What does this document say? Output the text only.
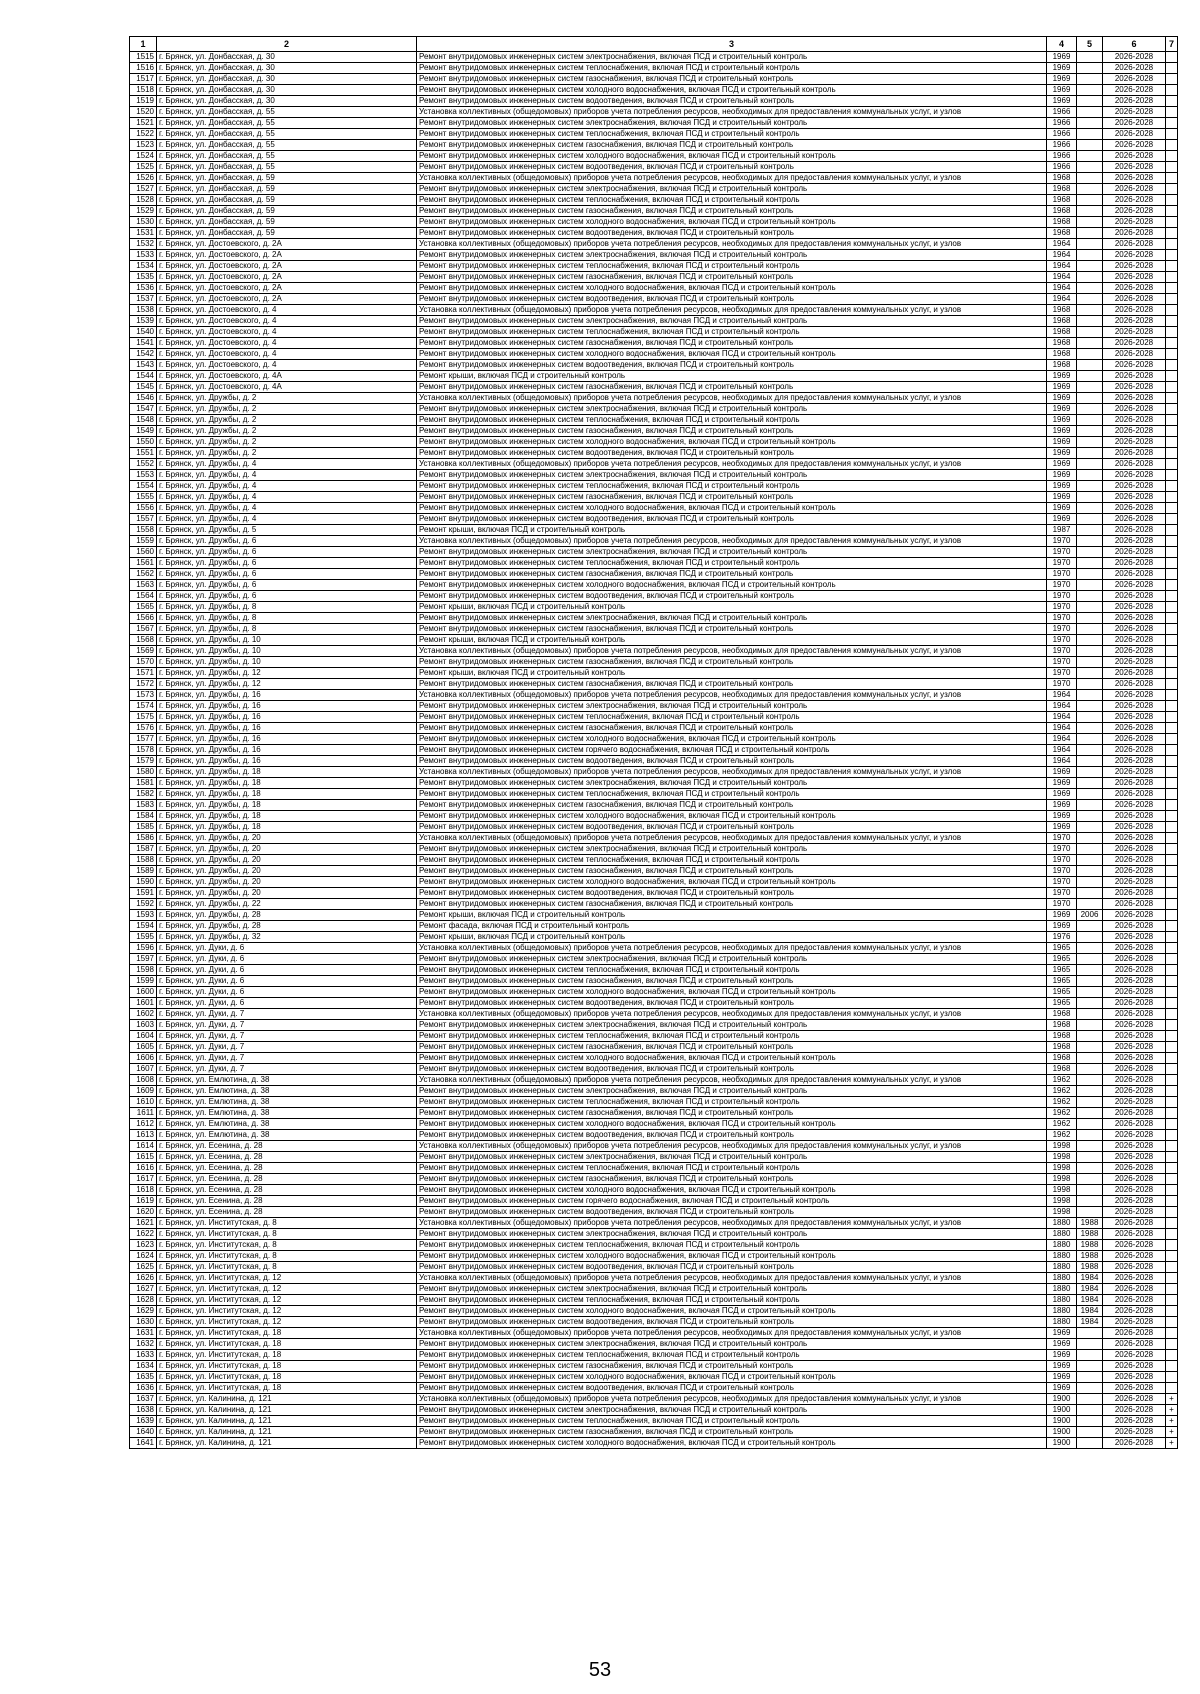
1	2	3	4	5	6	7
1515	г. Брянск, ул. Донбасская, д. 30	Ремонт внутридомовых инженерных систем электроснабжения, включая ПСД и строительный контроль	1969		2026-2028	
1516	г. Брянск, ул. Донбасская, д. 30	Ремонт внутридомовых инженерных систем теплоснабжения, включая ПСД и строительный контроль	1969		2026-2028	
1517	г. Брянск, ул. Донбасская, д. 30	Ремонт внутридомовых инженерных систем газоснабжения, включая ПСД и строительный контроль	1969		2026-2028	
1518	г. Брянск, ул. Донбасская, д. 30	Ремонт внутридомовых инженерных систем холодного водоснабжения, включая ПСД и строительный контроль	1969		2026-2028	
1519	г. Брянск, ул. Донбасская, д. 30	Ремонт внутридомовых инженерных систем водоотведения, включая ПСД и строительный контроль	1969		2026-2028	
1520	г. Брянск, ул. Донбасская, д. 55	Установка коллективных (общедомовых) приборов учета потребления ресурсов, необходимых для предоставления коммунальных услуг, и узлов	1966		2026-2028	
1521	г. Брянск, ул. Донбасская, д. 55	Ремонт внутридомовых инженерных систем электроснабжения, включая ПСД и строительный контроль	1966		2026-2028	
1522	г. Брянск, ул. Донбасская, д. 55	Ремонт внутридомовых инженерных систем теплоснабжения, включая ПСД и строительный контроль	1966		2026-2028	
1523	г. Брянск, ул. Донбасская, д. 55	Ремонт внутридомовых инженерных систем газоснабжения, включая ПСД и строительный контроль	1966		2026-2028	
1524	г. Брянск, ул. Донбасская, д. 55	Ремонт внутридомовых инженерных систем холодного водоснабжения, включая ПСД и строительный контроль	1966		2026-2028	
1525	г. Брянск, ул. Донбасская, д. 55	Ремонт внутридомовых инженерных систем водоотведения, включая ПСД и строительный контроль	1966		2026-2028	
1526	г. Брянск, ул. Донбасская, д. 59	Установка коллективных (общедомовых) приборов учета потребления ресурсов, необходимых для предоставления коммунальных услуг, и узлов	1968		2026-2028	
1527	г. Брянск, ул. Донбасская, д. 59	Ремонт внутридомовых инженерных систем электроснабжения, включая ПСД и строительный контроль	1968		2026-2028	
1528	г. Брянск, ул. Донбасская, д. 59	Ремонт внутридомовых инженерных систем теплоснабжения, включая ПСД и строительный контроль	1968		2026-2028	
1529	г. Брянск, ул. Донбасская, д. 59	Ремонт внутридомовых инженерных систем газоснабжения, включая ПСД и строительный контроль	1968		2026-2028	
1530	г. Брянск, ул. Донбасская, д. 59	Ремонт внутридомовых инженерных систем холодного водоснабжения, включая ПСД и строительный контроль	1968		2026-2028	
1531	г. Брянск, ул. Донбасская, д. 59	Ремонт внутридомовых инженерных систем водоотведения, включая ПСД и строительный контроль	1968		2026-2028	
1532	г. Брянск, ул. Достоевского, д. 2А	Установка коллективных (общедомовых) приборов учета потребления ресурсов, необходимых для предоставления коммунальных услуг, и узлов	1964		2026-2028	
1533	г. Брянск, ул. Достоевского, д. 2А	Ремонт внутридомовых инженерных систем электроснабжения, включая ПСД и строительный контроль	1964		2026-2028	
1534	г. Брянск, ул. Достоевского, д. 2А	Ремонт внутридомовых инженерных систем теплоснабжения, включая ПСД и строительный контроль	1964		2026-2028	
1535	г. Брянск, ул. Достоевского, д. 2А	Ремонт внутридомовых инженерных систем газоснабжения, включая ПСД и строительный контроль	1964		2026-2028	
1536	г. Брянск, ул. Достоевского, д. 2А	Ремонт внутридомовых инженерных систем холодного водоснабжения, включая ПСД и строительный контроль	1964		2026-2028	
1537	г. Брянск, ул. Достоевского, д. 2А	Ремонт внутридомовых инженерных систем водоотведения, включая ПСД и строительный контроль	1964		2026-2028	
1538	г. Брянск, ул. Достоевского, д. 4	Установка коллективных (общедомовых) приборов учета потребления ресурсов, необходимых для предоставления коммунальных услуг, и узлов	1968		2026-2028	
1539	г. Брянск, ул. Достоевского, д. 4	Ремонт внутридомовых инженерных систем электроснабжения, включая ПСД и строительный контроль	1968		2026-2028	
1540	г. Брянск, ул. Достоевского, д. 4	Ремонт внутридомовых инженерных систем теплоснабжения, включая ПСД и строительный контроль	1968		2026-2028	
1541	г. Брянск, ул. Достоевского, д. 4	Ремонт внутридомовых инженерных систем газоснабжения, включая ПСД и строительный контроль	1968		2026-2028	
1542	г. Брянск, ул. Достоевского, д. 4	Ремонт внутридомовых инженерных систем холодного водоснабжения, включая ПСД и строительный контроль	1968		2026-2028	
1543	г. Брянск, ул. Достоевского, д. 4	Ремонт внутридомовых инженерных систем водоотведения, включая ПСД и строительный контроль	1968		2026-2028	
1544	г. Брянск, ул. Достоевского, д. 4А	Ремонт крыши, включая ПСД и строительный контроль	1969		2026-2028	
1545	г. Брянск, ул. Достоевского, д. 4А	Ремонт внутридомовых инженерных систем газоснабжения, включая ПСД и строительный контроль	1969		2026-2028	
1546	г. Брянск, ул. Дружбы, д. 2	Установка коллективных (общедомовых) приборов учета потребления ресурсов, необходимых для предоставления коммунальных услуг, и узлов	1969		2026-2028	
1547	г. Брянск, ул. Дружбы, д. 2	Ремонт внутридомовых инженерных систем электроснабжения, включая ПСД и строительный контроль	1969		2026-2028	
1548	г. Брянск, ул. Дружбы, д. 2	Ремонт внутридомовых инженерных систем теплоснабжения, включая ПСД и строительный контроль	1969		2026-2028	
1549	г. Брянск, ул. Дружбы, д. 2	Ремонт внутридомовых инженерных систем газоснабжения, включая ПСД и строительный контроль	1969		2026-2028	
1550	г. Брянск, ул. Дружбы, д. 2	Ремонт внутридомовых инженерных систем холодного водоснабжения, включая ПСД и строительный контроль	1969		2026-2028	
1551	г. Брянск, ул. Дружбы, д. 2	Ремонт внутридомовых инженерных систем водоотведения, включая ПСД и строительный контроль	1969		2026-2028	
1552	г. Брянск, ул. Дружбы, д. 4	Установка коллективных (общедомовых) приборов учета потребления ресурсов, необходимых для предоставления коммунальных услуг, и узлов	1969		2026-2028	
1553	г. Брянск, ул. Дружбы, д. 4	Ремонт внутридомовых инженерных систем электроснабжения, включая ПСД и строительный контроль	1969		2026-2028	
1554	г. Брянск, ул. Дружбы, д. 4	Ремонт внутридомовых инженерных систем теплоснабжения, включая ПСД и строительный контроль	1969		2026-2028	
1555	г. Брянск, ул. Дружбы, д. 4	Ремонт внутридомовых инженерных систем газоснабжения, включая ПСД и строительный контроль	1969		2026-2028	
1556	г. Брянск, ул. Дружбы, д. 4	Ремонт внутридомовых инженерных систем холодного водоснабжения, включая ПСД и строительный контроль	1969		2026-2028	
1557	г. Брянск, ул. Дружбы, д. 4	Ремонт внутридомовых инженерных систем водоотведения, включая ПСД и строительный контроль	1969		2026-2028	
1558	г. Брянск, ул. Дружбы, д. 5	Ремонт крыши, включая ПСД и строительный контроль	1987		2026-2028	
1559	г. Брянск, ул. Дружбы, д. 6	Установка коллективных (общедомовых) приборов учета потребления ресурсов, необходимых для предоставления коммунальных услуг, и узлов	1970		2026-2028	
1560	г. Брянск, ул. Дружбы, д. 6	Ремонт внутридомовых инженерных систем электроснабжения, включая ПСД и строительный контроль	1970		2026-2028	
1561	г. Брянск, ул. Дружбы, д. 6	Ремонт внутридомовых инженерных систем теплоснабжения, включая ПСД и строительный контроль	1970		2026-2028	
1562	г. Брянск, ул. Дружбы, д. 6	Ремонт внутридомовых инженерных систем газоснабжения, включая ПСД и строительный контроль	1970		2026-2028	
1563	г. Брянск, ул. Дружбы, д. 6	Ремонт внутридомовых инженерных систем холодного водоснабжения, включая ПСД и строительный контроль	1970		2026-2028	
1564	г. Брянск, ул. Дружбы, д. 6	Ремонт внутридомовых инженерных систем водоотведения, включая ПСД и строительный контроль	1970		2026-2028	
1565	г. Брянск, ул. Дружбы, д. 8	Ремонт крыши, включая ПСД и строительный контроль	1970		2026-2028	
1566	г. Брянск, ул. Дружбы, д. 8	Ремонт внутридомовых инженерных систем электроснабжения, включая ПСД и строительный контроль	1970		2026-2028	
1567	г. Брянск, ул. Дружбы, д. 8	Ремонт внутридомовых инженерных систем газоснабжения, включая ПСД и строительный контроль	1970		2026-2028	
1568	г. Брянск, ул. Дружбы, д. 10	Ремонт крыши, включая ПСД и строительный контроль	1970		2026-2028	
1569	г. Брянск, ул. Дружбы, д. 10	Установка коллективных (общедомовых) приборов учета потребления ресурсов, необходимых для предоставления коммунальных услуг, и узлов	1970		2026-2028	
1570	г. Брянск, ул. Дружбы, д. 10	Ремонт внутридомовых инженерных систем газоснабжения, включая ПСД и строительный контроль	1970		2026-2028	
1571	г. Брянск, ул. Дружбы, д. 12	Ремонт крыши, включая ПСД и строительный контроль	1970		2026-2028	
1572	г. Брянск, ул. Дружбы, д. 12	Ремонт внутридомовых инженерных систем газоснабжения, включая ПСД и строительный контроль	1970		2026-2028	
1573	г. Брянск, ул. Дружбы, д. 16	Установка коллективных (общедомовых) приборов учета потребления ресурсов, необходимых для предоставления коммунальных услуг, и узлов	1964		2026-2028	
1574	г. Брянск, ул. Дружбы, д. 16	Ремонт внутридомовых инженерных систем электроснабжения, включая ПСД и строительный контроль	1964		2026-2028	
1575	г. Брянск, ул. Дружбы, д. 16	Ремонт внутридомовых инженерных систем теплоснабжения, включая ПСД и строительный контроль	1964		2026-2028	
1576	г. Брянск, ул. Дружбы, д. 16	Ремонт внутридомовых инженерных систем газоснабжения, включая ПСД и строительный контроль	1964		2026-2028	
1577	г. Брянск, ул. Дружбы, д. 16	Ремонт внутридомовых инженерных систем холодного водоснабжения, включая ПСД и строительный контроль	1964		2026-2028	
1578	г. Брянск, ул. Дружбы, д. 16	Ремонт внутридомовых инженерных систем горячего водоснабжения, включая ПСД и строительный контроль	1964		2026-2028	
1579	г. Брянск, ул. Дружбы, д. 16	Ремонт внутридомовых инженерных систем водоотведения, включая ПСД и строительный контроль	1964		2026-2028	
1580	г. Брянск, ул. Дружбы, д. 18	Установка коллективных (общедомовых) приборов учета потребления ресурсов, необходимых для предоставления коммунальных услуг, и узлов	1969		2026-2028	
1581	г. Брянск, ул. Дружбы, д. 18	Ремонт внутридомовых инженерных систем электроснабжения, включая ПСД и строительный контроль	1969		2026-2028	
1582	г. Брянск, ул. Дружбы, д. 18	Ремонт внутридомовых инженерных систем теплоснабжения, включая ПСД и строительный контроль	1969		2026-2028	
1583	г. Брянск, ул. Дружбы, д. 18	Ремонт внутридомовых инженерных систем газоснабжения, включая ПСД и строительный контроль	1969		2026-2028	
1584	г. Брянск, ул. Дружбы, д. 18	Ремонт внутридомовых инженерных систем холодного водоснабжения, включая ПСД и строительный контроль	1969		2026-2028	
1585	г. Брянск, ул. Дружбы, д. 18	Ремонт внутридомовых инженерных систем водоотведения, включая ПСД и строительный контроль	1969		2026-2028	
1586	г. Брянск, ул. Дружбы, д. 20	Установка коллективных (общедомовых) приборов учета потребления ресурсов, необходимых для предоставления коммунальных услуг, и узлов	1970		2026-2028	
1587	г. Брянск, ул. Дружбы, д. 20	Ремонт внутридомовых инженерных систем электроснабжения, включая ПСД и строительный контроль	1970		2026-2028	
1588	г. Брянск, ул. Дружбы, д. 20	Ремонт внутридомовых инженерных систем теплоснабжения, включая ПСД и строительный контроль	1970		2026-2028	
1589	г. Брянск, ул. Дружбы, д. 20	Ремонт внутридомовых инженерных систем газоснабжения, включая ПСД и строительный контроль	1970		2026-2028	
1590	г. Брянск, ул. Дружбы, д. 20	Ремонт внутридомовых инженерных систем холодного водоснабжения, включая ПСД и строительный контроль	1970		2026-2028	
1591	г. Брянск, ул. Дружбы, д. 20	Ремонт внутридомовых инженерных систем водоотведения, включая ПСД и строительный контроль	1970		2026-2028	
1592	г. Брянск, ул. Дружбы, д. 22	Ремонт внутридомовых инженерных систем газоснабжения, включая ПСД и строительный контроль	1970		2026-2028	
1593	г. Брянск, ул. Дружбы, д. 28	Ремонт крыши, включая ПСД и строительный контроль	1969	2006	2026-2028	
1594	г. Брянск, ул. Дружбы, д. 28	Ремонт фасада, включая ПСД и строительный контроль	1969		2026-2028	
1595	г. Брянск, ул. Дружбы, д. 32	Ремонт крыши, включая ПСД и строительный контроль	1976		2026-2028	
1596	г. Брянск, ул. Дуки, д. 6	Установка коллективных (общедомовых) приборов учета потребления ресурсов, необходимых для предоставления коммунальных услуг, и узлов	1965		2026-2028	
1597	г. Брянск, ул. Дуки, д. 6	Ремонт внутридомовых инженерных систем электроснабжения, включая ПСД и строительный контроль	1965		2026-2028	
1598	г. Брянск, ул. Дуки, д. 6	Ремонт внутридомовых инженерных систем теплоснабжения, включая ПСД и строительный контроль	1965		2026-2028	
1599	г. Брянск, ул. Дуки, д. 6	Ремонт внутридомовых инженерных систем газоснабжения, включая ПСД и строительный контроль	1965		2026-2028	
1600	г. Брянск, ул. Дуки, д. 6	Ремонт внутридомовых инженерных систем холодного водоснабжения, включая ПСД и строительный контроль	1965		2026-2028	
1601	г. Брянск, ул. Дуки, д. 6	Ремонт внутридомовых инженерных систем водоотведения, включая ПСД и строительный контроль	1965		2026-2028	
1602	г. Брянск, ул. Дуки, д. 7	Установка коллективных (общедомовых) приборов учета потребления ресурсов, необходимых для предоставления коммунальных услуг, и узлов	1968		2026-2028	
1603	г. Брянск, ул. Дуки, д. 7	Ремонт внутридомовых инженерных систем электроснабжения, включая ПСД и строительный контроль	1968		2026-2028	
1604	г. Брянск, ул. Дуки, д. 7	Ремонт внутридомовых инженерных систем теплоснабжения, включая ПСД и строительный контроль	1968		2026-2028	
1605	г. Брянск, ул. Дуки, д. 7	Ремонт внутридомовых инженерных систем газоснабжения, включая ПСД и строительный контроль	1968		2026-2028	
1606	г. Брянск, ул. Дуки, д. 7	Ремонт внутридомовых инженерных систем холодного водоснабжения, включая ПСД и строительный контроль	1968		2026-2028	
1607	г. Брянск, ул. Дуки, д. 7	Ремонт внутридомовых инженерных систем водоотведения, включая ПСД и строительный контроль	1968		2026-2028	
1608	г. Брянск, ул. Емлютина, д. 38	Установка коллективных (общедомовых) приборов учета потребления ресурсов, необходимых для предоставления коммунальных услуг, и узлов	1962		2026-2028	
1609	г. Брянск, ул. Емлютина, д. 38	Ремонт внутридомовых инженерных систем электроснабжения, включая ПСД и строительный контроль	1962		2026-2028	
1610	г. Брянск, ул. Емлютина, д. 38	Ремонт внутридомовых инженерных систем теплоснабжения, включая ПСД и строительный контроль	1962		2026-2028	
1611	г. Брянск, ул. Емлютина, д. 38	Ремонт внутридомовых инженерных систем газоснабжения, включая ПСД и строительный контроль	1962		2026-2028	
1612	г. Брянск, ул. Емлютина, д. 38	Ремонт внутридомовых инженерных систем холодного водоснабжения, включая ПСД и строительный контроль	1962		2026-2028	
1613	г. Брянск, ул. Емлютина, д. 38	Ремонт внутридомовых инженерных систем водоотведения, включая ПСД и строительный контроль	1962		2026-2028	
1614	г. Брянск, ул. Есенина, д. 28	Установка коллективных (общедомовых) приборов учета потребления ресурсов, необходимых для предоставления коммунальных услуг, и узлов	1998		2026-2028	
1615	г. Брянск, ул. Есенина, д. 28	Ремонт внутридомовых инженерных систем электроснабжения, включая ПСД и строительный контроль	1998		2026-2028	
1616	г. Брянск, ул. Есенина, д. 28	Ремонт внутридомовых инженерных систем теплоснабжения, включая ПСД и строительный контроль	1998		2026-2028	
1617	г. Брянск, ул. Есенина, д. 28	Ремонт внутридомовых инженерных систем газоснабжения, включая ПСД и строительный контроль	1998		2026-2028	
1618	г. Брянск, ул. Есенина, д. 28	Ремонт внутридомовых инженерных систем холодного водоснабжения, включая ПСД и строительный контроль	1998		2026-2028	
1619	г. Брянск, ул. Есенина, д. 28	Ремонт внутридомовых инженерных систем горячего водоснабжения, включая ПСД и строительный контроль	1998		2026-2028	
1620	г. Брянск, ул. Есенина, д. 28	Ремонт внутридомовых инженерных систем водоотведения, включая ПСД и строительный контроль	1998		2026-2028	
1621	г. Брянск, ул. Институтская, д. 8	Установка коллективных (общедомовых) приборов учета потребления ресурсов, необходимых для предоставления коммунальных услуг, и узлов	1880	1988	2026-2028	
1622	г. Брянск, ул. Институтская, д. 8	Ремонт внутридомовых инженерных систем электроснабжения, включая ПСД и строительный контроль	1880	1988	2026-2028	
1623	г. Брянск, ул. Институтская, д. 8	Ремонт внутридомовых инженерных систем теплоснабжения, включая ПСД и строительный контроль	1880	1988	2026-2028	
1624	г. Брянск, ул. Институтская, д. 8	Ремонт внутридомовых инженерных систем холодного водоснабжения, включая ПСД и строительный контроль	1880	1988	2026-2028	
1625	г. Брянск, ул. Институтская, д. 8	Ремонт внутридомовых инженерных систем водоотведения, включая ПСД и строительный контроль	1880	1988	2026-2028	
1626	г. Брянск, ул. Институтская, д. 12	Установка коллективных (общедомовых) приборов учета потребления ресурсов, необходимых для предоставления коммунальных услуг, и узлов	1880	1984	2026-2028	
1627	г. Брянск, ул. Институтская, д. 12	Ремонт внутридомовых инженерных систем электроснабжения, включая ПСД и строительный контроль	1880	1984	2026-2028	
1628	г. Брянск, ул. Институтская, д. 12	Ремонт внутридомовых инженерных систем теплоснабжения, включая ПСД и строительный контроль	1880	1984	2026-2028	
1629	г. Брянск, ул. Институтская, д. 12	Ремонт внутридомовых инженерных систем холодного водоснабжения, включая ПСД и строительный контроль	1880	1984	2026-2028	
1630	г. Брянск, ул. Институтская, д. 12	Ремонт внутридомовых инженерных систем водоотведения, включая ПСД и строительный контроль	1880	1984	2026-2028	
1631	г. Брянск, ул. Институтская, д. 18	Установка коллективных (общедомовых) приборов учета потребления ресурсов, необходимых для предоставления коммунальных услуг, и узлов	1969		2026-2028	
1632	г. Брянск, ул. Институтская, д. 18	Ремонт внутридомовых инженерных систем электроснабжения, включая ПСД и строительный контроль	1969		2026-2028	
1633	г. Брянск, ул. Институтская, д. 18	Ремонт внутридомовых инженерных систем теплоснабжения, включая ПСД и строительный контроль	1969		2026-2028	
1634	г. Брянск, ул. Институтская, д. 18	Ремонт внутридомовых инженерных систем газоснабжения, включая ПСД и строительный контроль	1969		2026-2028	
1635	г. Брянск, ул. Институтская, д. 18	Ремонт внутридомовых инженерных систем холодного водоснабжения, включая ПСД и строительный контроль	1969		2026-2028	
1636	г. Брянск, ул. Институтская, д. 18	Ремонт внутридомовых инженерных систем водоотведения, включая ПСД и строительный контроль	1969		2026-2028	
1637	г. Брянск, ул. Калинина, д. 121	Установка коллективных (общедомовых) приборов учета потребления ресурсов, необходимых для предоставления коммунальных услуг, и узлов	1900		2026-2028	+
1638	г. Брянск, ул. Калинина, д. 121	Ремонт внутридомовых инженерных систем электроснабжения, включая ПСД и строительный контроль	1900		2026-2028	+
1639	г. Брянск, ул. Калинина, д. 121	Ремонт внутридомовых инженерных систем теплоснабжения, включая ПСД и строительный контроль	1900		2026-2028	+
1640	г. Брянск, ул. Калинина, д. 121	Ремонт внутридомовых инженерных систем газоснабжения, включая ПСД и строительный контроль	1900		2026-2028	+
1641	г. Брянск, ул. Калинина, д. 121	Ремонт внутридомовых инженерных систем холодного водоснабжения, включая ПСД и строительный контроль	1900		2026-2028	+
53
